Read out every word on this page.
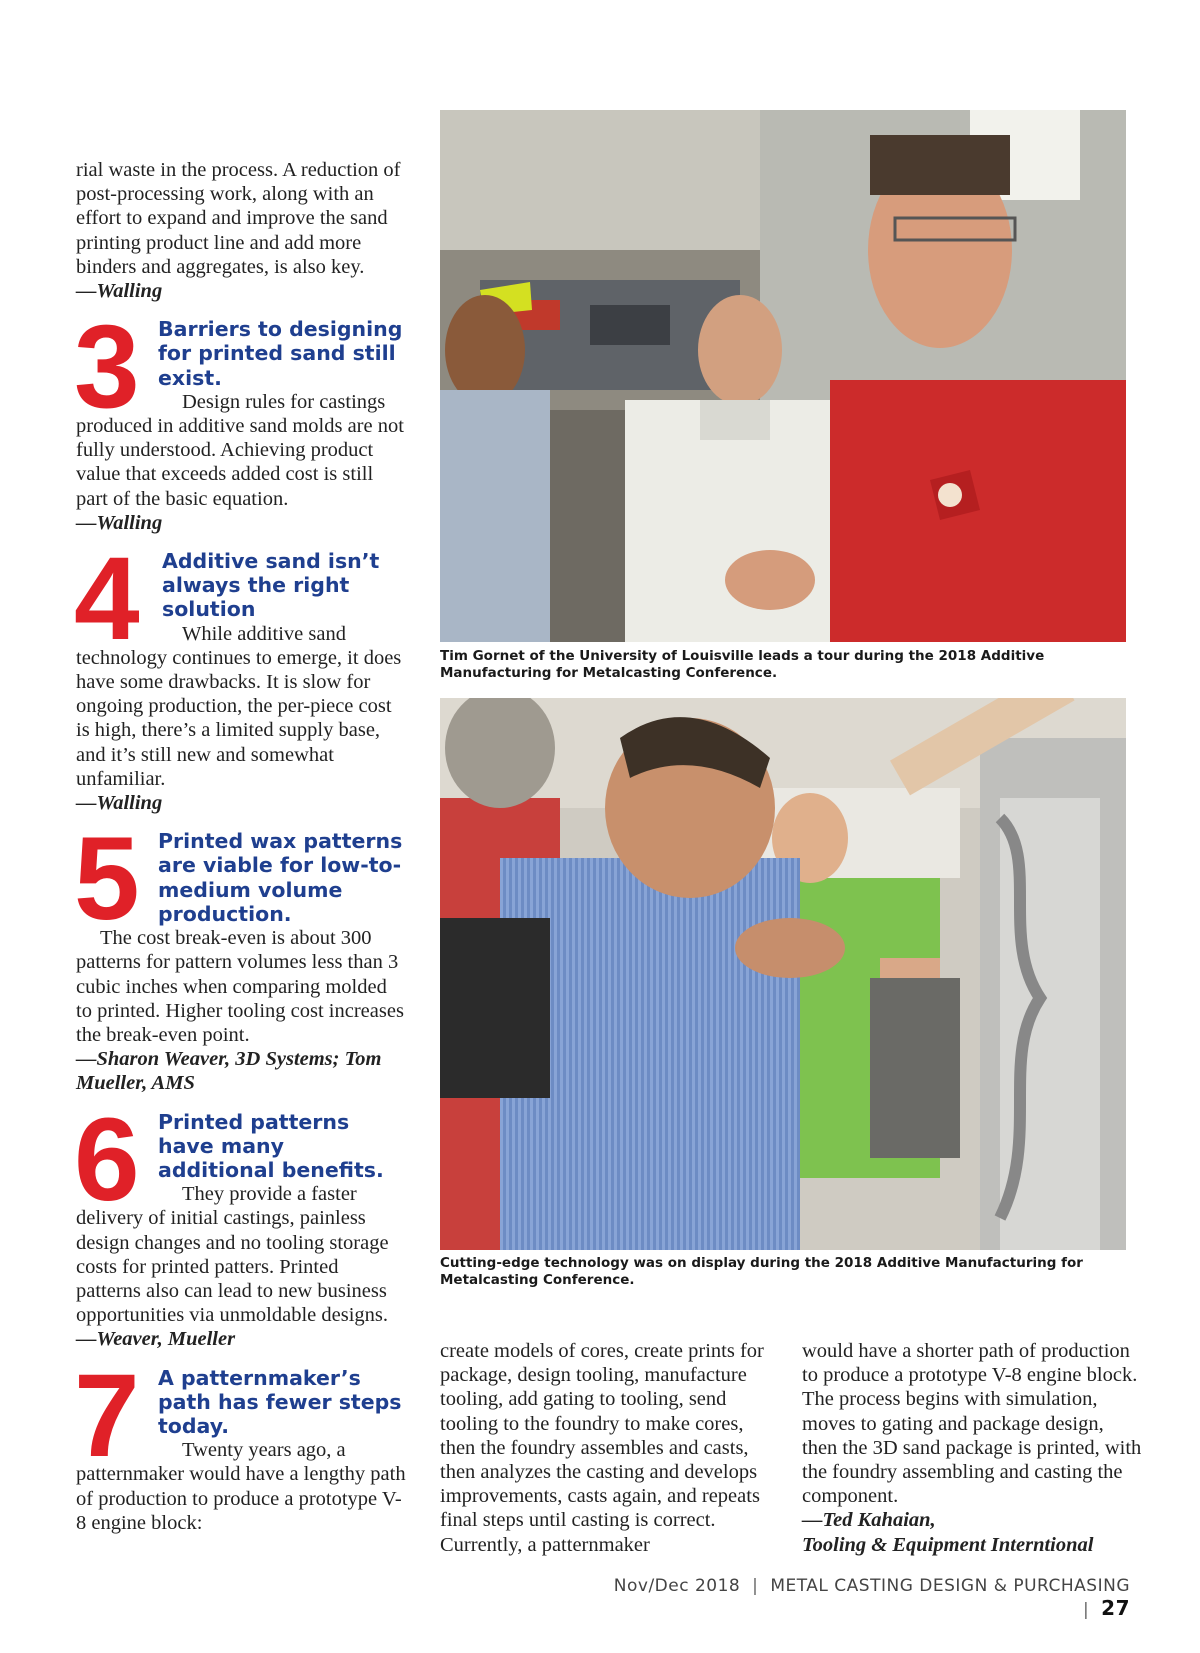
rial waste in the process. A reduction of post-processing work, along with an effort to expand and improve the sand printing product line and add more binders and aggregates, is also key.

—Walling

3 Barriers to designing for printed sand still exist.

Design rules for castings produced in additive sand molds are not fully understood. Achieving product value that exceeds added cost is still part of the basic equation.

—Walling

4 Additive sand isn’t always the right solution

While additive sand technology continues to emerge, it does have some drawbacks. It is slow for ongoing production, the per-piece cost is high, there’s a limited supply base, and it’s still new and somewhat unfamiliar.

—Walling

5 Printed wax patterns are viable for low-to-medium volume production.

The cost break-even is about 300 patterns for pattern volumes less than 3 cubic inches when comparing molded to printed. Higher tooling cost increases the break-even point.

—Sharon Weaver, 3D Systems; Tom Mueller, AMS

6 Printed patterns have many additional benefits.

They provide a faster delivery of initial castings, painless design changes and no tooling storage costs for printed patters. Printed patterns also can lead to new business opportunities via unmoldable designs.

—Weaver, Mueller

7 A patternmaker’s path has fewer steps today.

Twenty years ago, a patternmaker would have a lengthy path of production to produce a prototype V-8 engine block:

Tim Gornet of the University of Louisville leads a tour during the 2018 Additive Manufacturing for Metalcasting Conference.
Cutting-edge technology was on display during the 2018 Additive Manufacturing for Metalcasting Conference.

create models of cores, create prints for package, design tooling, manufacture tooling, add gating to tooling, send tooling to the foundry to make cores, then the foundry assembles and casts, then analyzes the casting and develops improvements, casts again, and repeats final steps until casting is correct. Currently, a patternmaker

would have a shorter path of production to produce a prototype V-8 engine block. The process begins with simulation, moves to gating and package design, then the 3D sand package is printed, with the foundry assembling and casting the component.

—Ted Kahaian,

Tooling & Equipment Interntional

Nov/Dec 2018 | METAL CASTING DESIGN & PURCHASING | 27
